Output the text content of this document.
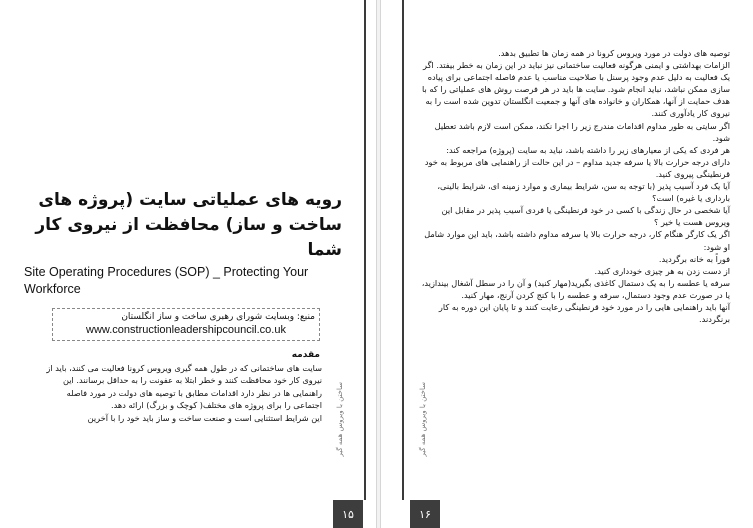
ساختن با ویروس همه گیر
۱۵
رویه های عملیاتی سایت (پروژه های ساخت و ساز) محافظت از نیروی کار شما
Site Operating Procedures (SOP) _ Protecting Your Workforce
منبع: وبسایت شورای رهبری ساخت و ساز انگلستان
www.constructionleadershipcouncil.co.uk
مقدمه

سایت های ساختمانی که در طول همه گیری ویروس کرونا فعالیت می کنند، باید از نیروی کار خود محافظت کنند و خطر ابتلا به عفونت را به حداقل برسانند. این راهنمایی ها در نظر دارد اقدامات مطابق با توصیه های دولت در مورد فاصله اجتماعی را برای پروژه های مختلف( کوچک و بزرگ) ارائه دهد.

این شرایط استثنایی است و صنعت ساخت و ساز باید خود را با آخرین

۱۶

توصیه های دولت در مورد ویروس کرونا در همه زمان ها تطبیق بدهد.

الزامات بهداشتی و ایمنی هرگونه فعالیت ساختمانی نیز نباید در این زمان به خطر بیفتد. اگر یک فعالیت به دلیل عدم وجود پرسنل با صلاحیت مناسب یا عدم فاصله اجتماعی برای پیاده سازی ممکن نباشد، نباید انجام شود. سایت ها باید در هر فرصت روش های عملیاتی را که با هدف حمایت از آنها، همکاران و خانواده های آنها و جمعیت انگلستان تدوین شده است را به نیروی کار یادآوری کنند.

اگر سایتی به طور مداوم اقدامات مندرج زیر را اجرا نکند، ممکن است لازم باشد تعطیل شود.

هر فردی که یکی از معیارهای زیر را داشته باشد، نباید به سایت (پروژه) مراجعه کند:

دارای درجه حرارت بالا یا سرفه جدید مداوم – در این حالت از راهنمایی های مربوط به خود قرنطینگی پیروی کنید.

آیا یک فرد آسیب پذیر (با توجه به سن، شرایط بیماری و موارد زمینه ای، شرایط بالینی، بارداری یا غیره) است؟

آیا شخصی در حال زندگی با کسی در خود قرنطینگی یا فردی آسیب پذیر در مقابل این ویروس هست یا خیر ؟

اگر یک کارگر هنگام کار، درجه حرارت بالا یا سرفه مداوم داشته باشد، باید این موارد شامل او شود:

فوراً به خانه برگردید.

از دست زدن به هر چیزی خودداری کنید.

سرفه یا عطسه را به یک دستمال کاغذی بگیرید(مهار کنید) و آن را در سطل آشغال بیندازید، یا در صورت عدم وجود دستمال، سرفه و عطسه را با کنج کردن آرنج، مهار کنید.

آنها باید راهنمایی هایی را در مورد خود قرنطینگی رعایت کنند و تا پایان این دوره به کار برنگردند.

ساختن با ویروس همه گیر
